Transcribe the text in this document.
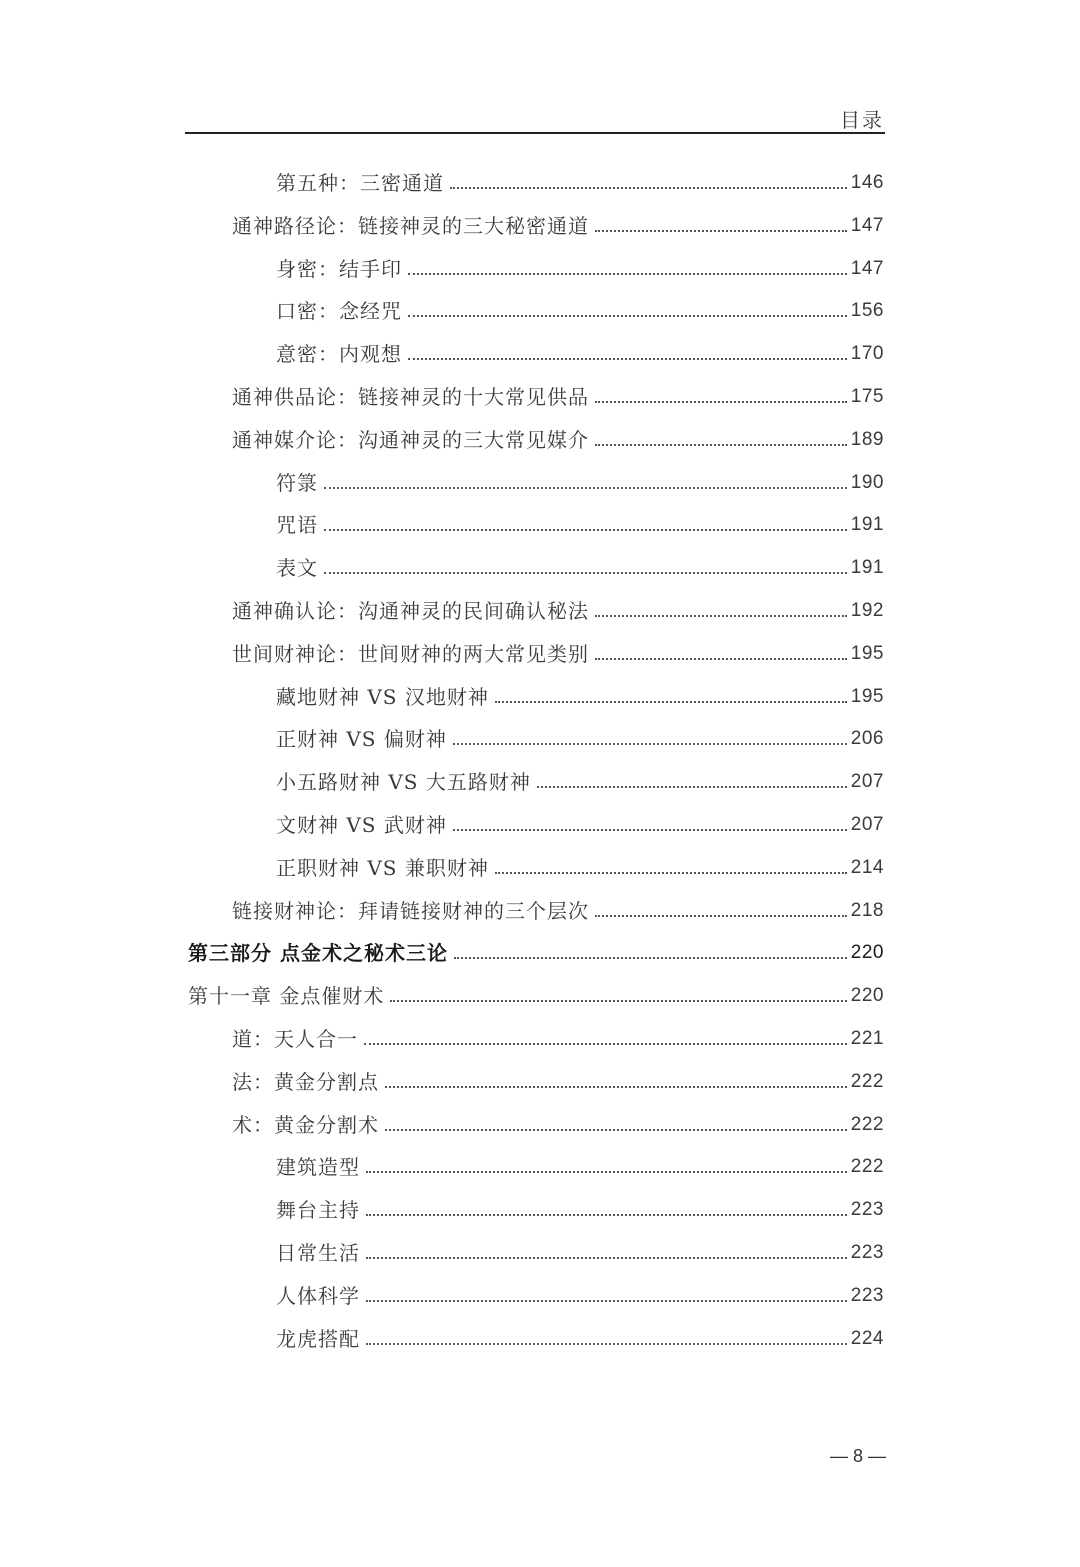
目录
第五种：三密通道	146
通神路径论：链接神灵的三大秘密通道	147
身密：结手印	147
口密：念经咒	156
意密：内观想	170
通神供品论：链接神灵的十大常见供品	175
通神媒介论：沟通神灵的三大常见媒介	189
符箓	190
咒语	191
表文	191
通神确认论：沟通神灵的民间确认秘法	192
世间财神论：世间财神的两大常见类别	195
藏地财神 VS 汉地财神	195
正财神 VS 偏财神	206
小五路财神 VS 大五路财神	207
文财神 VS 武财神	207
正职财神 VS 兼职财神	214
链接财神论：拜请链接财神的三个层次	218
第三部分 点金术之秘术三论	220
第十一章 金点催财术	220
道：天人合一	221
法：黄金分割点	222
术：黄金分割术	222
建筑造型	222
舞台主持	223
日常生活	223
人体科学	223
龙虎搭配	224
— 8 —
